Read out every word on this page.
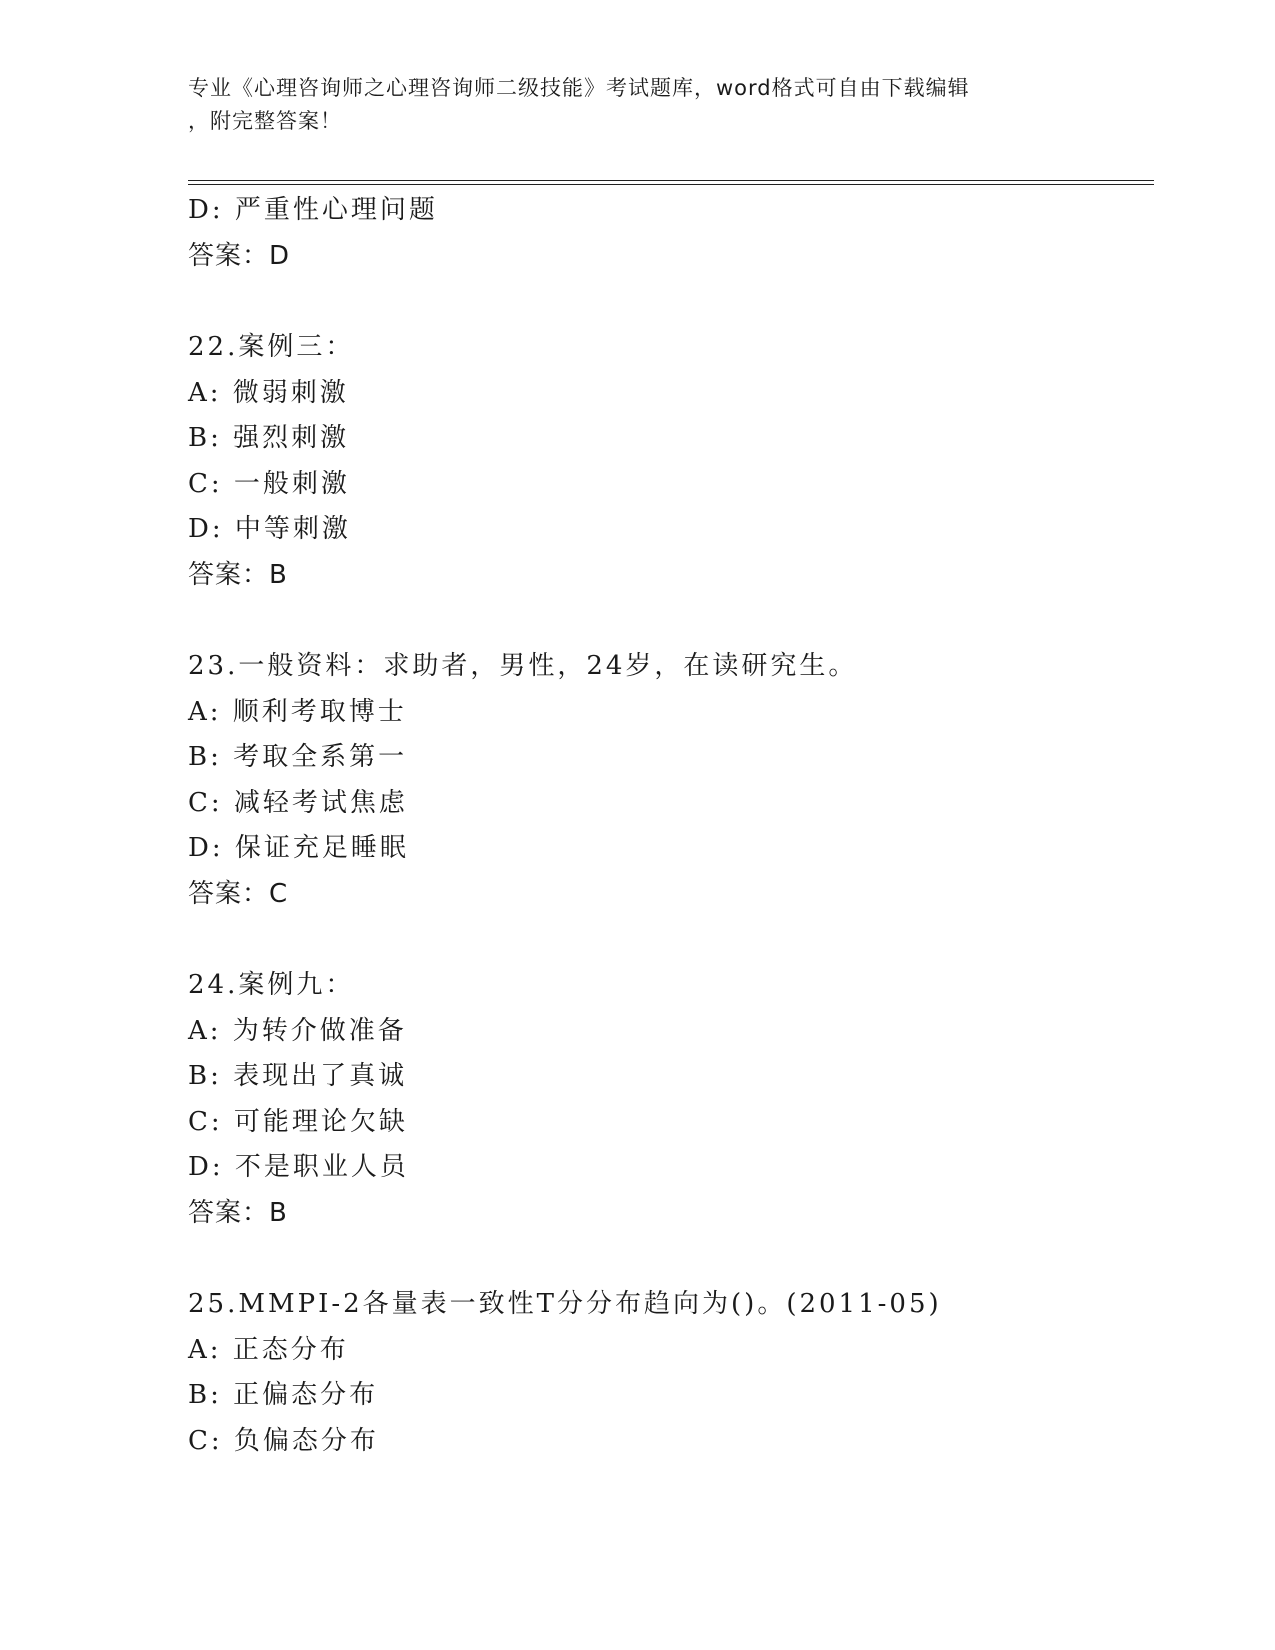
专业《心理咨询师之心理咨询师二级技能》考试题库，word格式可自由下载编辑
，附完整答案！
D: 严重性心理问题
答案：D
22.案例三：
A: 微弱刺激
B: 强烈刺激
C: 一般刺激
D: 中等刺激
答案：B
23.一般资料：求助者，男性，24岁，在读研究生。
A: 顺利考取博士
B: 考取全系第一
C: 减轻考试焦虑
D: 保证充足睡眠
答案：C
24.案例九：
A: 为转介做准备
B: 表现出了真诚
C: 可能理论欠缺
D: 不是职业人员
答案：B
25.MMPI-2各量表一致性T分分布趋向为()。(2011-05)
A: 正态分布
B: 正偏态分布
C: 负偏态分布
